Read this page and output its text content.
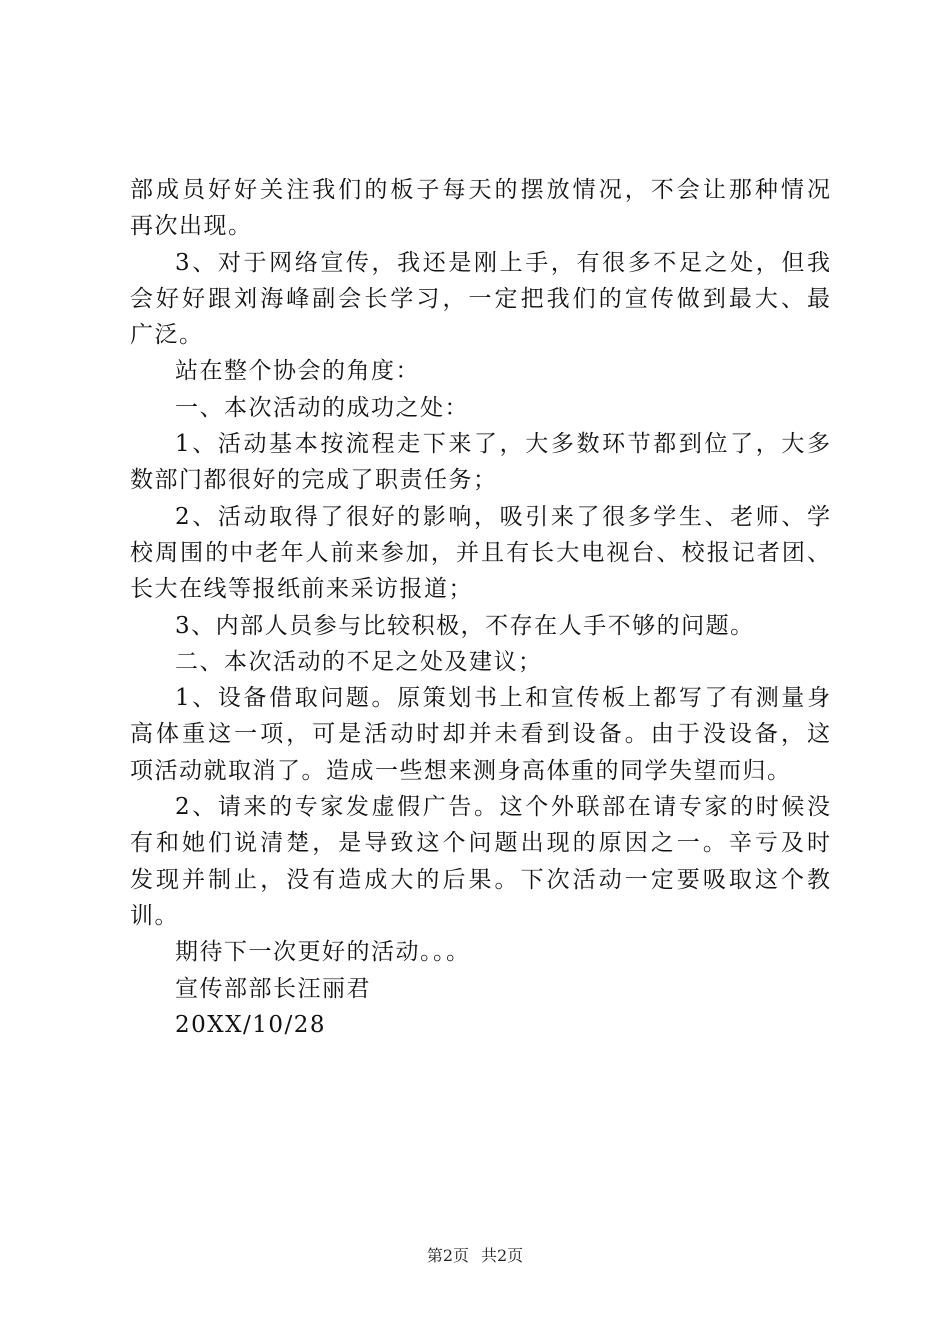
部成员好好关注我们的板子每天的摆放情况，不会让那种情况
再次出现。
3、对于网络宣传，我还是刚上手，有很多不足之处，但我
会好好跟刘海峰副会长学习，一定把我们的宣传做到最大、最
广泛。
站在整个协会的角度：
一、本次活动的成功之处：
1、活动基本按流程走下来了，大多数环节都到位了，大多
数部门都很好的完成了职责任务；
2、活动取得了很好的影响，吸引来了很多学生、老师、学
校周围的中老年人前来参加，并且有长大电视台、校报记者团、
长大在线等报纸前来采访报道；
3、内部人员参与比较积极，不存在人手不够的问题。
二、本次活动的不足之处及建议；
1、设备借取问题。原策划书上和宣传板上都写了有测量身
高体重这一项，可是活动时却并未看到设备。由于没设备，这
项活动就取消了。造成一些想来测身高体重的同学失望而归。
2、请来的专家发虚假广告。这个外联部在请专家的时候没
有和她们说清楚，是导致这个问题出现的原因之一。辛亏及时
发现并制止，没有造成大的后果。下次活动一定要吸取这个教
训。
期待下一次更好的活动。。。
宣传部部长汪丽君
20XX/10/28
第2页 共2页
